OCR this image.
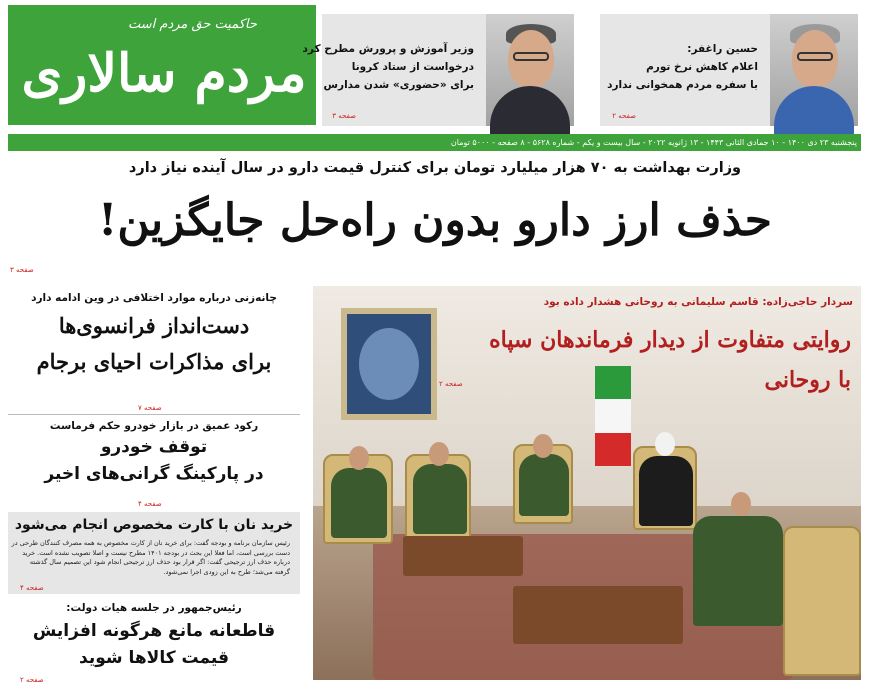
حاکمیت حق مردم است
مردم سالاری
وزیر آموزش و پرورش مطرح کرد
درخواست از ستاد کرونا
برای «حضوری» شدن مدارس
صفحه ۳
حسین راغفر:
اعلام کاهش نرخ تورم
با سفره مردم همخوانی ندارد
صفحه ۲
پنجشنبه ۲۳ دی ۱۴۰۰ - ۱۰ جمادی الثانی ۱۴۴۳ - ۱۳ ژانویه ۲۰۲۲ - سال بیست و یکم - شماره ۵۶۲۸ - ۸ صفحه - ۵۰۰۰ تومان
وزارت بهداشت به ۷۰ هزار میلیارد تومان برای کنترل قیمت دارو در سال آینده نیاز دارد
حذف ارز دارو بدون راه‌حل جایگزین!
صفحه ۳
چانه‌زنی درباره موارد اختلافی در وین ادامه دارد
دست‌انداز فرانسوی‌ها
برای مذاکرات احیای برجام
صفحه ۷
رکود عمیق در بازار خودرو حکم فرماست
توقف خودرو
در پارکینگ گرانی‌های اخیر
صفحه ۴
خرید نان با کارت مخصوص انجام می‌شود
رئیس سازمان برنامه و بودجه گفت: برای خرید نان از کارت مخصوص به همه مصرف کنندگان طرحی در
دست بررسی است، اما فعلا این بحث در بودجه ۱۴۰۱ مطرح نیست و اصلا تصویب نشده است. خرید
درباره حذف ارز ترجیحی گفت: اگر قرار بود حذف ارز ترجیحی انجام شود این تصمیم سال گذشته
گرفته می‌شد؛ طرح به این زودی اجرا نمی‌شود.
صفحه ۴
رئیس‌جمهور در جلسه هیات دولت:
قاطعانه مانع هرگونه افزایش
قیمت کالاها شوید
صفحه ۲
سردار حاجی‌زاده: قاسم سلیمانی به روحانی هشدار داده بود
روایتی متفاوت از دیدار فرماندهان سپاه
با روحانی
صفحه ۲
